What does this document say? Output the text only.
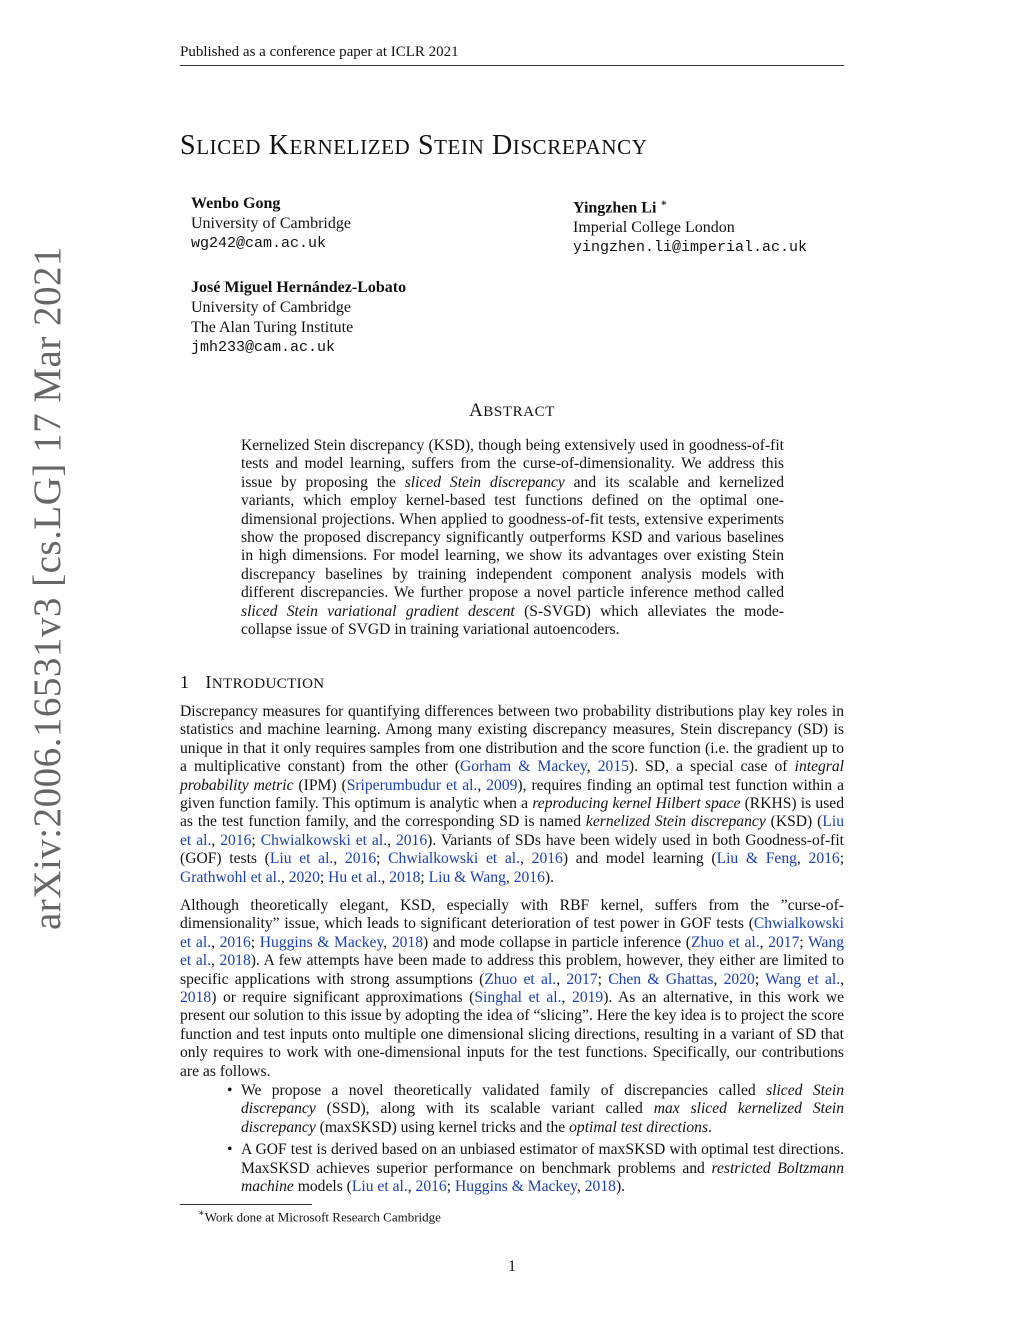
Published as a conference paper at ICLR 2021
arXiv:2006.16531v3 [cs.LG] 17 Mar 2021
SLICED KERNELIZED STEIN DISCREPANCY
Wenbo Gong
University of Cambridge
wg242@cam.ac.uk
Yingzhen Li ∗
Imperial College London
yingzhen.li@imperial.ac.uk
José Miguel Hernández-Lobato
University of Cambridge
The Alan Turing Institute
jmh233@cam.ac.uk
ABSTRACT
Kernelized Stein discrepancy (KSD), though being extensively used in goodness-of-fit tests and model learning, suffers from the curse-of-dimensionality. We address this issue by proposing the sliced Stein discrepancy and its scalable and kernelized variants, which employ kernel-based test functions defined on the optimal one-dimensional projections. When applied to goodness-of-fit tests, extensive experiments show the proposed discrepancy significantly outperforms KSD and various baselines in high dimensions. For model learning, we show its advantages over existing Stein discrepancy baselines by training independent component analysis models with different discrepancies. We further propose a novel particle inference method called sliced Stein variational gradient descent (S-SVGD) which alleviates the mode-collapse issue of SVGD in training variational autoencoders.
1 INTRODUCTION

Discrepancy measures for quantifying differences between two probability distributions play key roles in statistics and machine learning. Among many existing discrepancy measures, Stein discrepancy (SD) is unique in that it only requires samples from one distribution and the score function (i.e. the gradient up to a multiplicative constant) from the other (Gorham & Mackey, 2015). SD, a special case of integral probability metric (IPM) (Sriperumbudur et al., 2009), requires finding an optimal test function within a given function family. This optimum is analytic when a reproducing kernel Hilbert space (RKHS) is used as the test function family, and the corresponding SD is named kernelized Stein discrepancy (KSD) (Liu et al., 2016; Chwialkowski et al., 2016). Variants of SDs have been widely used in both Goodness-of-fit (GOF) tests (Liu et al., 2016; Chwialkowski et al., 2016) and model learning (Liu & Feng, 2016; Grathwohl et al., 2020; Hu et al., 2018; Liu & Wang, 2016).

Although theoretically elegant, KSD, especially with RBF kernel, suffers from the ”curse-of-dimensionality” issue, which leads to significant deterioration of test power in GOF tests (Chwialkowski et al., 2016; Huggins & Mackey, 2018) and mode collapse in particle inference (Zhuo et al., 2017; Wang et al., 2018). A few attempts have been made to address this problem, however, they either are limited to specific applications with strong assumptions (Zhuo et al., 2017; Chen & Ghattas, 2020; Wang et al., 2018) or require significant approximations (Singhal et al., 2019). As an alternative, in this work we present our solution to this issue by adopting the idea of “slicing”. Here the key idea is to project the score function and test inputs onto multiple one dimensional slicing directions, resulting in a variant of SD that only requires to work with one-dimensional inputs for the test functions. Specifically, our contributions are as follows.

• We propose a novel theoretically validated family of discrepancies called sliced Stein discrepancy (SSD), along with its scalable variant called max sliced kernelized Stein discrepancy (maxSKSD) using kernel tricks and the optimal test directions.
• A GOF test is derived based on an unbiased estimator of maxSKSD with optimal test directions. MaxSKSD achieves superior performance on benchmark problems and restricted Boltzmann machine models (Liu et al., 2016; Huggins & Mackey, 2018).
∗Work done at Microsoft Research Cambridge
1
